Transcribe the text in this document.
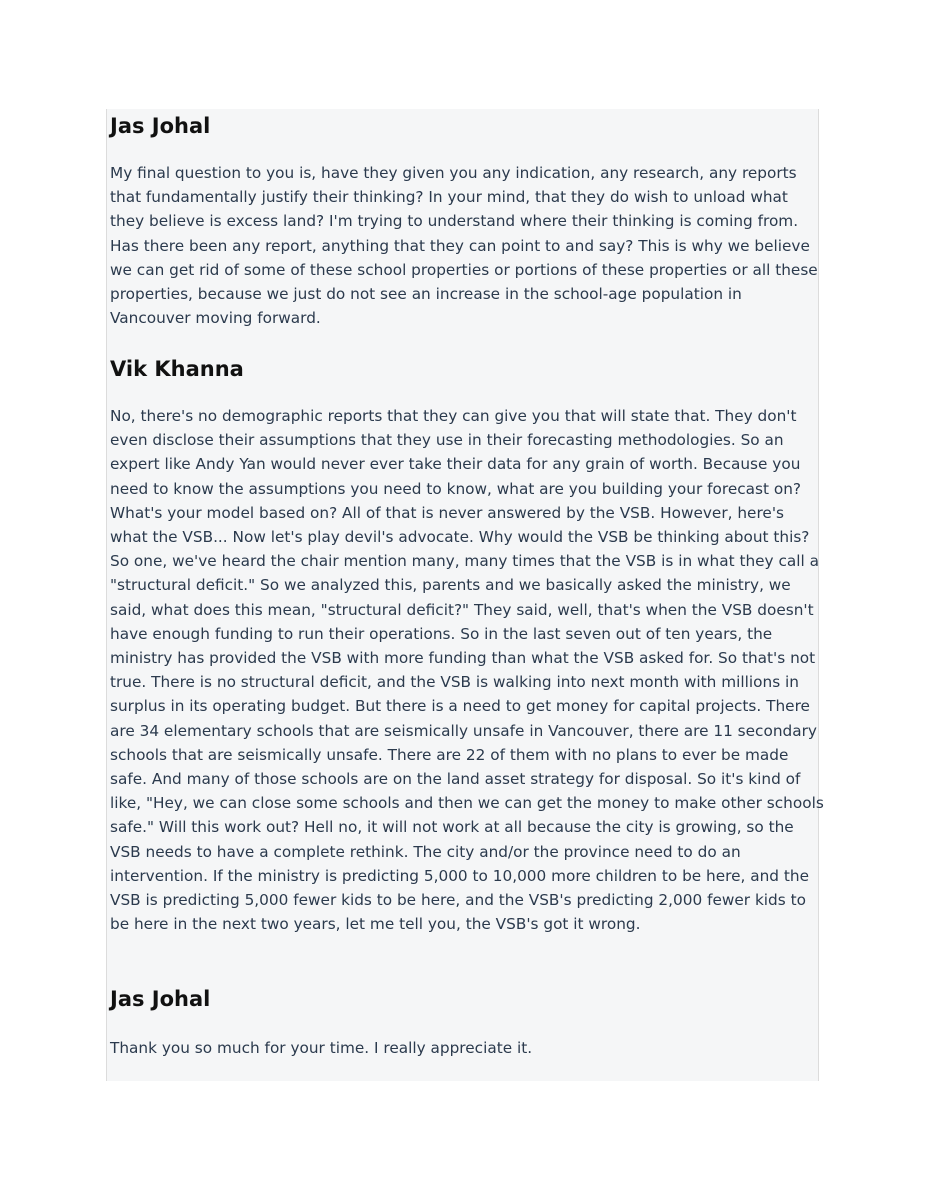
Jas Johal

My final question to you is, have they given you any indication, any research, any reports that fundamentally justify their thinking? In your mind, that they do wish to unload what they believe is excess land? I'm trying to understand where their thinking is coming from. Has there been any report, anything that they can point to and say? This is why we believe we can get rid of some of these school properties or portions of these properties or all these properties, because we just do not see an increase in the school-age population in Vancouver moving forward.

Vik Khanna

No, there's no demographic reports that they can give you that will state that. They don't even disclose their assumptions that they use in their forecasting methodologies. So an expert like Andy Yan would never ever take their data for any grain of worth. Because you need to know the assumptions you need to know, what are you building your forecast on? What's your model based on? All of that is never answered by the VSB. However, here's what the VSB... Now let's play devil's advocate. Why would the VSB be thinking about this? So one, we've heard the chair mention many, many times that the VSB is in what they call a "structural deficit." So we analyzed this, parents and we basically asked the ministry, we said, what does this mean, "structural deficit?" They said, well, that's when the VSB doesn't have enough funding to run their operations. So in the last seven out of ten years, the ministry has provided the VSB with more funding than what the VSB asked for. So that's not true. There is no structural deficit, and the VSB is walking into next month with millions in surplus in its operating budget. But there is a need to get money for capital projects. There are 34 elementary schools that are seismically unsafe in Vancouver, there are 11 secondary schools that are seismically unsafe. There are 22 of them with no plans to ever be made safe. And many of those schools are on the land asset strategy for disposal. So it's kind of like, "Hey, we can close some schools and then we can get the money to make other schools safe." Will this work out? Hell no, it will not work at all because the city is growing, so the VSB needs to have a complete rethink. The city and/or the province need to do an intervention. If the ministry is predicting 5,000 to 10,000 more children to be here, and the VSB is predicting 5,000 fewer kids to be here, and the VSB's predicting 2,000 fewer kids to be here in the next two years, let me tell you, the VSB's got it wrong.

Jas Johal

Thank you so much for your time. I really appreciate it.
